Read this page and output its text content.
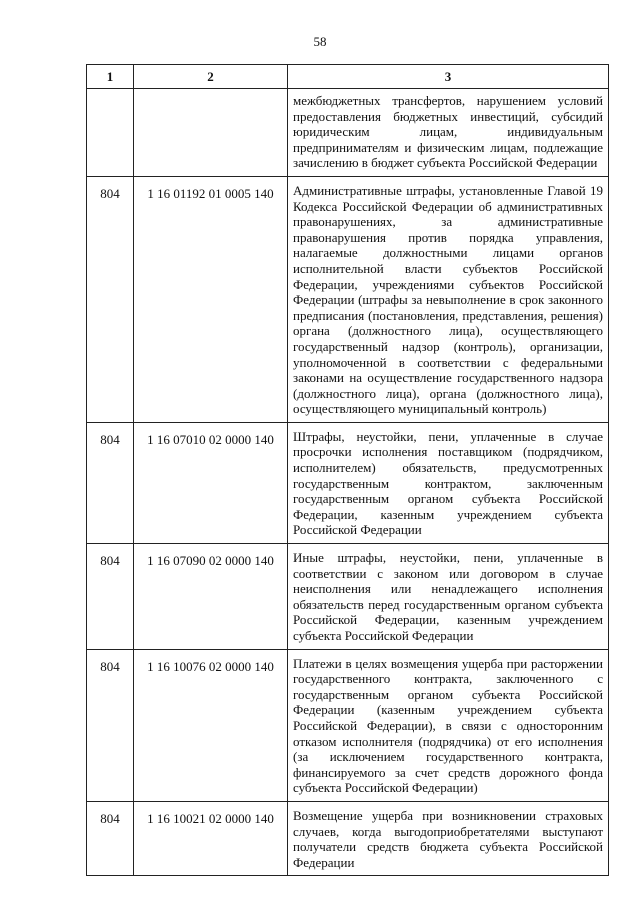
58
1	2	3
		межбюджетных трансфертов, нарушением условий предоставления бюджетных инвестиций, субсидий юридическим лицам, индивидуальным предпринимателям и физическим лицам, подлежащие зачислению в бюджет субъекта Российской Федерации
804	1 16 01192 01 0005 140	Административные штрафы, установленные Главой 19 Кодекса Российской Федерации об административных правонарушениях, за административные правонарушения против порядка управления, налагаемые должностными лицами органов исполнительной власти субъектов Российской Федерации, учреждениями субъектов Российской Федерации (штрафы за невыполнение в срок законного предписания (постановления, представления, решения) органа (должностного лица), осуществляющего государственный надзор (контроль), организации, уполномоченной в соответствии с федеральными законами на осуществление государственного надзора (должностного лица), органа (должностного лица), осуществляющего муниципальный контроль)
804	1 16 07010 02 0000 140	Штрафы, неустойки, пени, уплаченные в случае просрочки исполнения поставщиком (подрядчиком, исполнителем) обязательств, предусмотренных государственным контрактом, заключенным государственным органом субъекта Российской Федерации, казенным учреждением субъекта Российской Федерации
804	1 16 07090 02 0000 140	Иные штрафы, неустойки, пени, уплаченные в соответствии с законом или договором в случае неисполнения или ненадлежащего исполнения обязательств перед государственным органом субъекта Российской Федерации, казенным учреждением субъекта Российской Федерации
804	1 16 10076 02 0000 140	Платежи в целях возмещения ущерба при расторжении государственного контракта, заключенного с государственным органом субъекта Российской Федерации (казенным учреждением субъекта Российской Федерации), в связи с односторонним отказом исполнителя (подрядчика) от его исполнения (за исключением государственного контракта, финансируемого за счет средств дорожного фонда субъекта Российской Федерации)
804	1 16 10021 02 0000 140	Возмещение ущерба при возникновении страховых случаев, когда выгодоприобретателями выступают получатели средств бюджета субъекта Российской Федерации
